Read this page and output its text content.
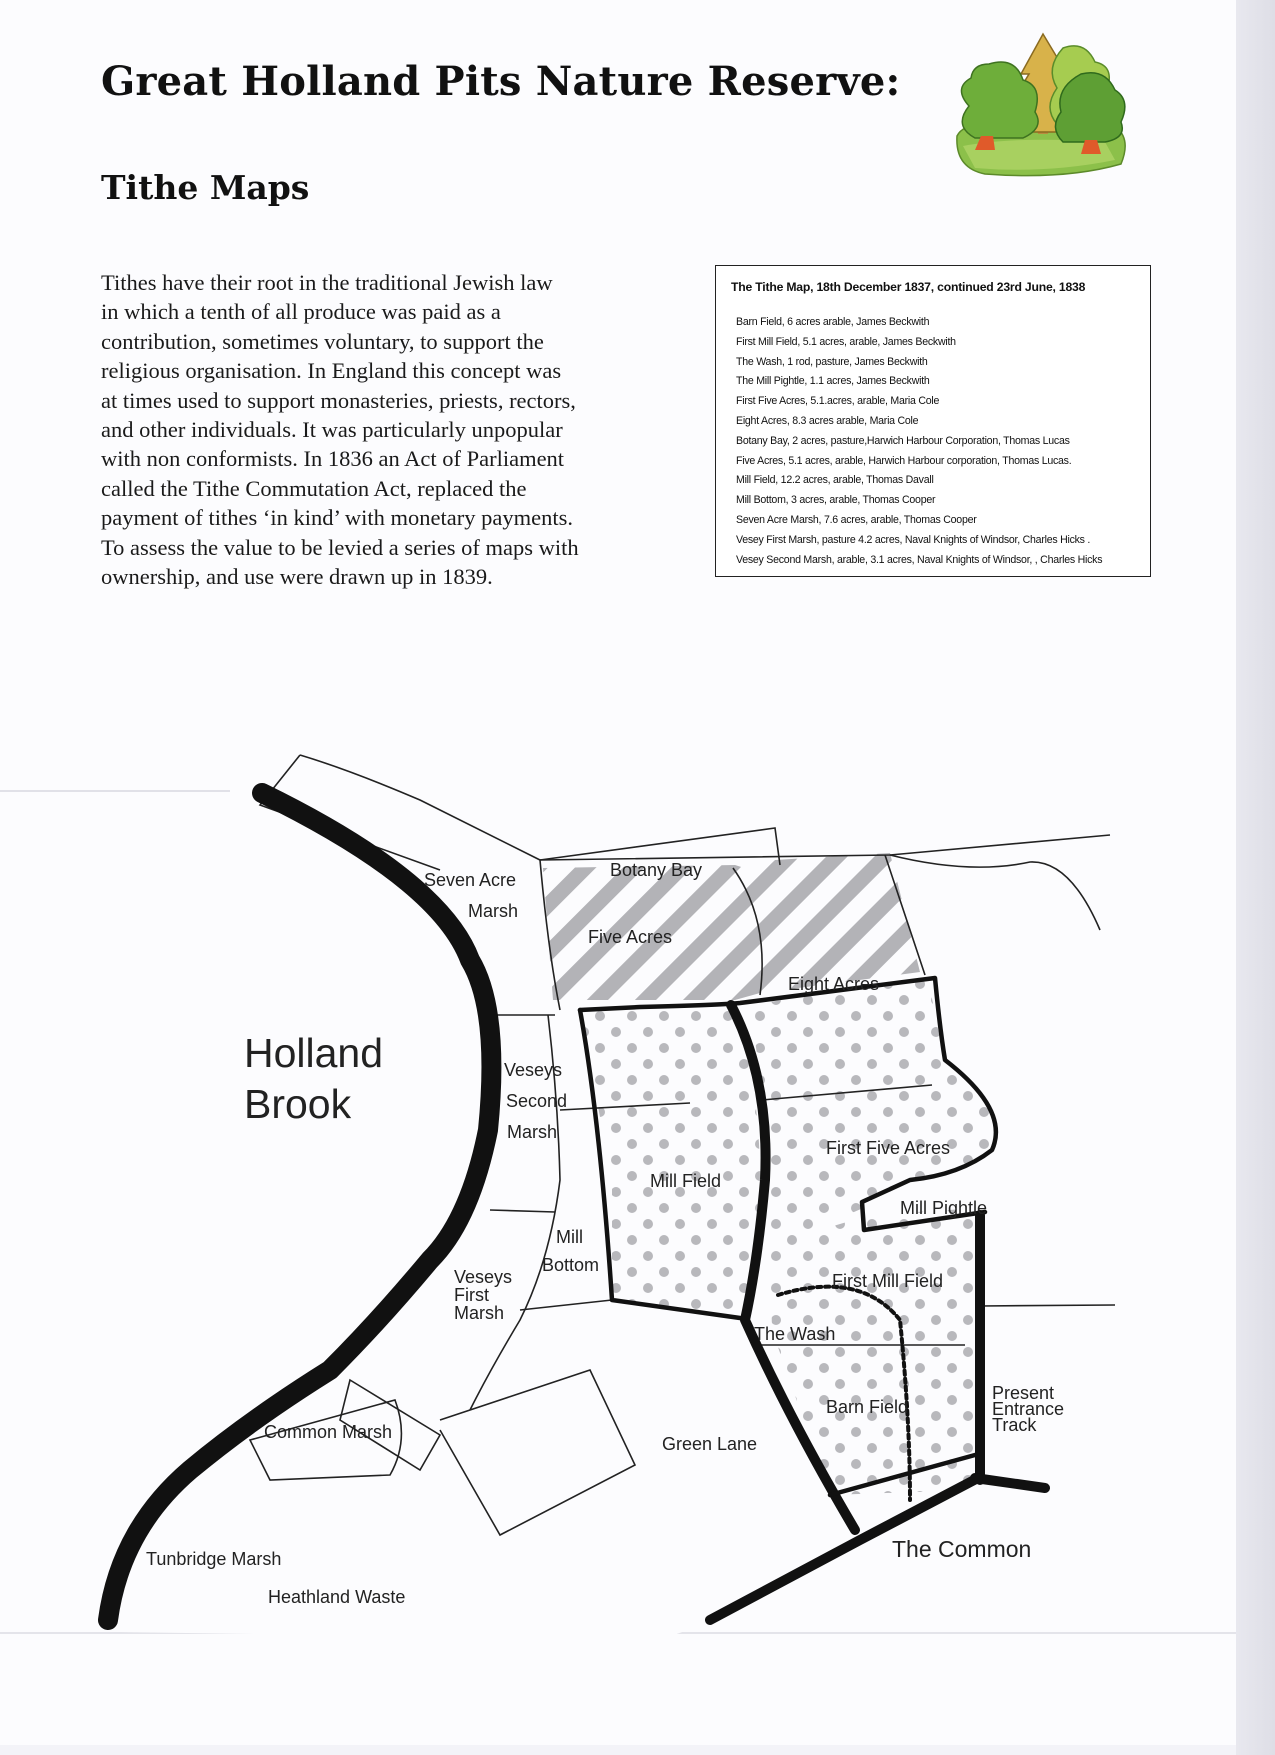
Great Holland Pits Nature Reserve:
Tithe Maps

Tithes have their root in the traditional Jewish law
in which a tenth of all produce was paid as a
contribution, sometimes voluntary, to support the
religious organisation. In England this concept was
at times used to support monasteries, priests, rectors,
and other individuals. It was particularly unpopular
with non conformists. In 1836 an Act of Parliament
called the Tithe Commutation Act, replaced the
payment of tithes ‘in kind’ with monetary payments.
To assess the value to be levied a series of maps with
ownership, and use were drawn up in 1839.

The Tithe Map, 18th December 1837, continued 23rd June, 1838
Barn Field, 6 acres arable, James Beckwith
First Mill Field, 5.1 acres, arable, James Beckwith
The Wash, 1 rod, pasture, James Beckwith
The Mill Pightle, 1.1 acres, James Beckwith
First Five Acres, 5.1.acres, arable, Maria Cole
Eight Acres, 8.3 acres arable, Maria Cole
Botany Bay, 2 acres, pasture,Harwich Harbour Corporation, Thomas Lucas
Five Acres, 5.1 acres, arable, Harwich Harbour corporation, Thomas Lucas.
Mill Field, 12.2 acres, arable, Thomas Davall
Mill Bottom, 3 acres, arable, Thomas Cooper
Seven Acre Marsh, 7.6 acres, arable, Thomas Cooper
Vesey First Marsh, pasture 4.2 acres, Naval Knights of Windsor, Charles Hicks .
Vesey Second Marsh, arable, 3.1 acres, Naval Knights of Windsor, , Charles Hicks
Seven Acre
Marsh
Botany Bay
Five Acres
Eight Acres
Holland
Brook
Veseys
Second
Marsh
Mill Field
First Five Acres
Mill Pightle
Mill
Bottom
Veseys
First
Marsh
First Mill Field
The Wash
Barn Field
Present
Entrance
Track
Common Marsh
Green Lane
The Common
Tunbridge Marsh
Heathland Waste
